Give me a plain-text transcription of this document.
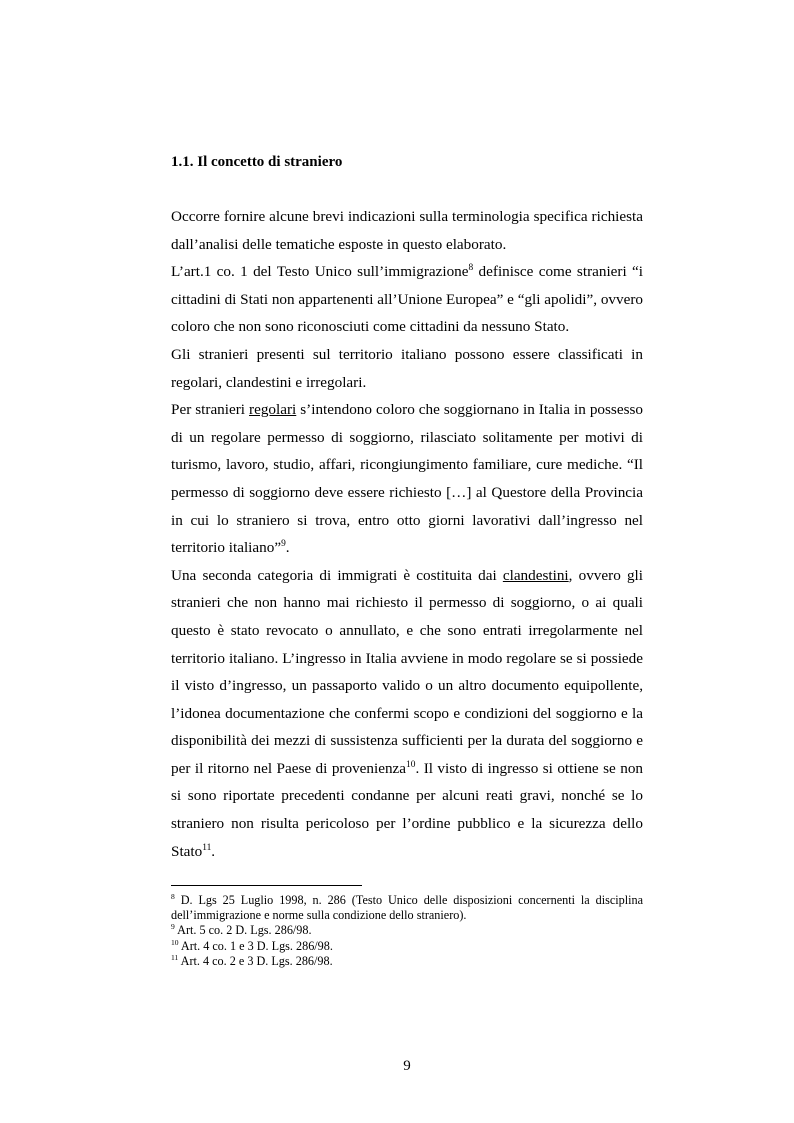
1.1. Il concetto di straniero

Occorre fornire alcune brevi indicazioni sulla terminologia specifica richiesta dall’analisi delle tematiche esposte in questo elaborato.

L’art.1 co. 1 del Testo Unico sull’immigrazione$^8$ definisce come stranieri “i cittadini di Stati non appartenenti all’Unione Europea” e “gli apolidi”, ovvero coloro che non sono riconosciuti come cittadini da nessuno Stato.

Gli stranieri presenti sul territorio italiano possono essere classificati in regolari, clandestini e irregolari.

Per stranieri regolari s’intendono coloro che soggiornano in Italia in possesso di un regolare permesso di soggiorno, rilasciato solitamente per motivi di turismo, lavoro, studio, affari, ricongiungimento familiare, cure mediche. “Il permesso di soggiorno deve essere richiesto […] al Questore della Provincia in cui lo straniero si trova, entro otto giorni lavorativi dall’ingresso nel territorio italiano”$^9$.

Una seconda categoria di immigrati è costituita dai clandestini, ovvero gli stranieri che non hanno mai richiesto il permesso di soggiorno, o ai quali questo è stato revocato o annullato, e che sono entrati irregolarmente nel territorio italiano. L’ingresso in Italia avviene in modo regolare se si possiede il visto d’ingresso, un passaporto valido o un altro documento equipollente, l’idonea documentazione che confermi scopo e condizioni del soggiorno e la disponibilità dei mezzi di sussistenza sufficienti per la durata del soggiorno e per il ritorno nel Paese di provenienza$^{10}$. Il visto di ingresso si ottiene se non si sono riportate precedenti condanne per alcuni reati gravi, nonché se lo straniero non risulta pericoloso per l’ordine pubblico e la sicurezza dello Stato$^{11}$.

$^8$ D. Lgs 25 Luglio 1998, n. 286 (Testo Unico delle disposizioni concernenti la disciplina dell’immigrazione e norme sulla condizione dello straniero).

$^9$ Art. 5 co. 2 D. Lgs. 286/98.

$^{10}$ Art. 4 co. 1 e 3 D. Lgs. 286/98.

$^{11}$ Art. 4 co. 2 e 3 D. Lgs. 286/98.

9
